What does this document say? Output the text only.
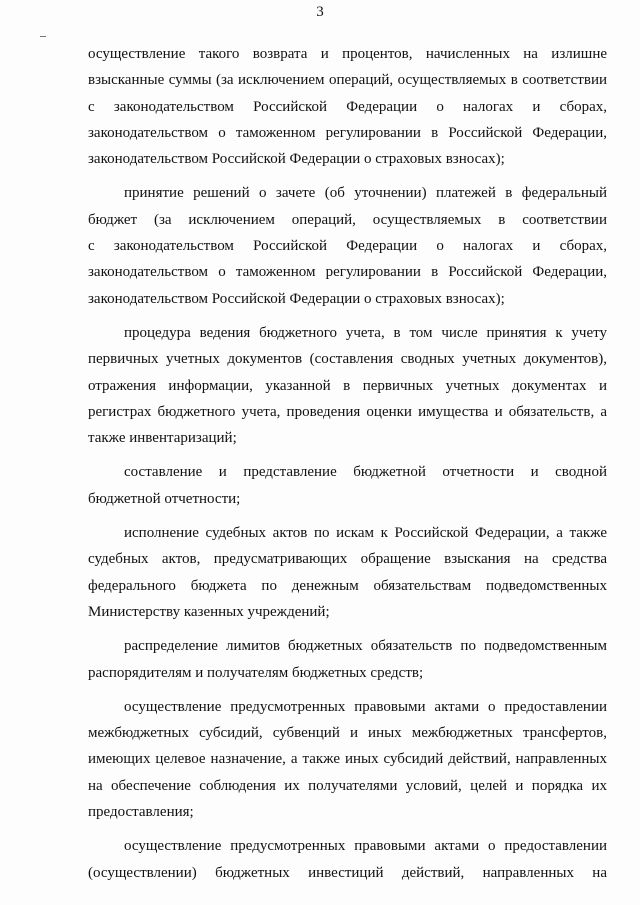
3

осуществление такого возврата и процентов, начисленных на излишне
взысканные суммы (за исключением операций, осуществляемых в соответствии
с законодательством Российской Федерации о налогах и сборах,
законодательством о таможенном регулировании в Российской Федерации,
законодательством Российской Федерации о страховых взносах);

принятие решений о зачете (об уточнении) платежей в федеральный
бюджет (за исключением операций, осуществляемых в соответствии
с законодательством Российской Федерации о налогах и сборах,
законодательством о таможенном регулировании в Российской Федерации,
законодательством Российской Федерации о страховых взносах);

процедура ведения бюджетного учета, в том числе принятия к учету
первичных учетных документов (составления сводных учетных документов),
отражения информации, указанной в первичных учетных документах и
регистрах бюджетного учета, проведения оценки имущества и обязательств, а
также инвентаризаций;

составление и представление бюджетной отчетности и сводной
бюджетной отчетности;

исполнение судебных актов по искам к Российской Федерации, а также
судебных актов, предусматривающих обращение взыскания на средства
федерального бюджета по денежным обязательствам подведомственных
Министерству казенных учреждений;

распределение лимитов бюджетных обязательств по подведомственным
распорядителям и получателям бюджетных средств;

осуществление предусмотренных правовыми актами о предоставлении
межбюджетных субсидий, субвенций и иных межбюджетных трансфертов,
имеющих целевое назначение, а также иных субсидий действий, направленных
на обеспечение соблюдения их получателями условий, целей и порядка их
предоставления;

осуществление предусмотренных правовыми актами о предоставлении
(осуществлении) бюджетных инвестиций действий, направленных на
